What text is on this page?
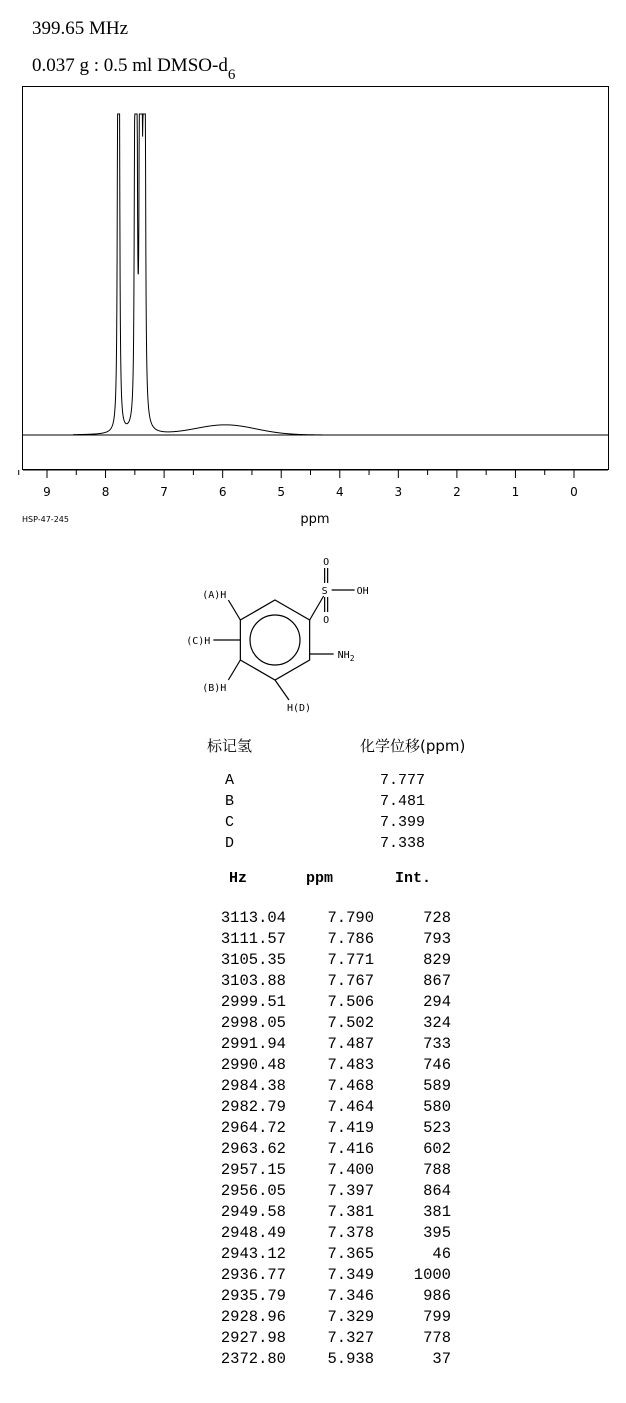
399.65 MHz
0.037 g : 0.5 ml DMSO-$d_6$
9	8	7	6	5	4	3	2	1	0
ppm
HSP-47-245
S
O
O
OH
$NH_2$
(A)H
(C)H
(B)H
H(D)
标记氢	化学位移(ppm)
A	7.777
B	7.481
C	7.399
D	7.338
Hz	ppm	Int.
3113.04	7.790	728
3111.57	7.786	793
3105.35	7.771	829
3103.88	7.767	867
2999.51	7.506	294
2998.05	7.502	324
2991.94	7.487	733
2990.48	7.483	746
2984.38	7.468	589
2982.79	7.464	580
2964.72	7.419	523
2963.62	7.416	602
2957.15	7.400	788
2956.05	7.397	864
2949.58	7.381	381
2948.49	7.378	395
2943.12	7.365	46
2936.77	7.349	1000
2935.79	7.346	986
2928.96	7.329	799
2927.98	7.327	778
2372.80	5.938	37
